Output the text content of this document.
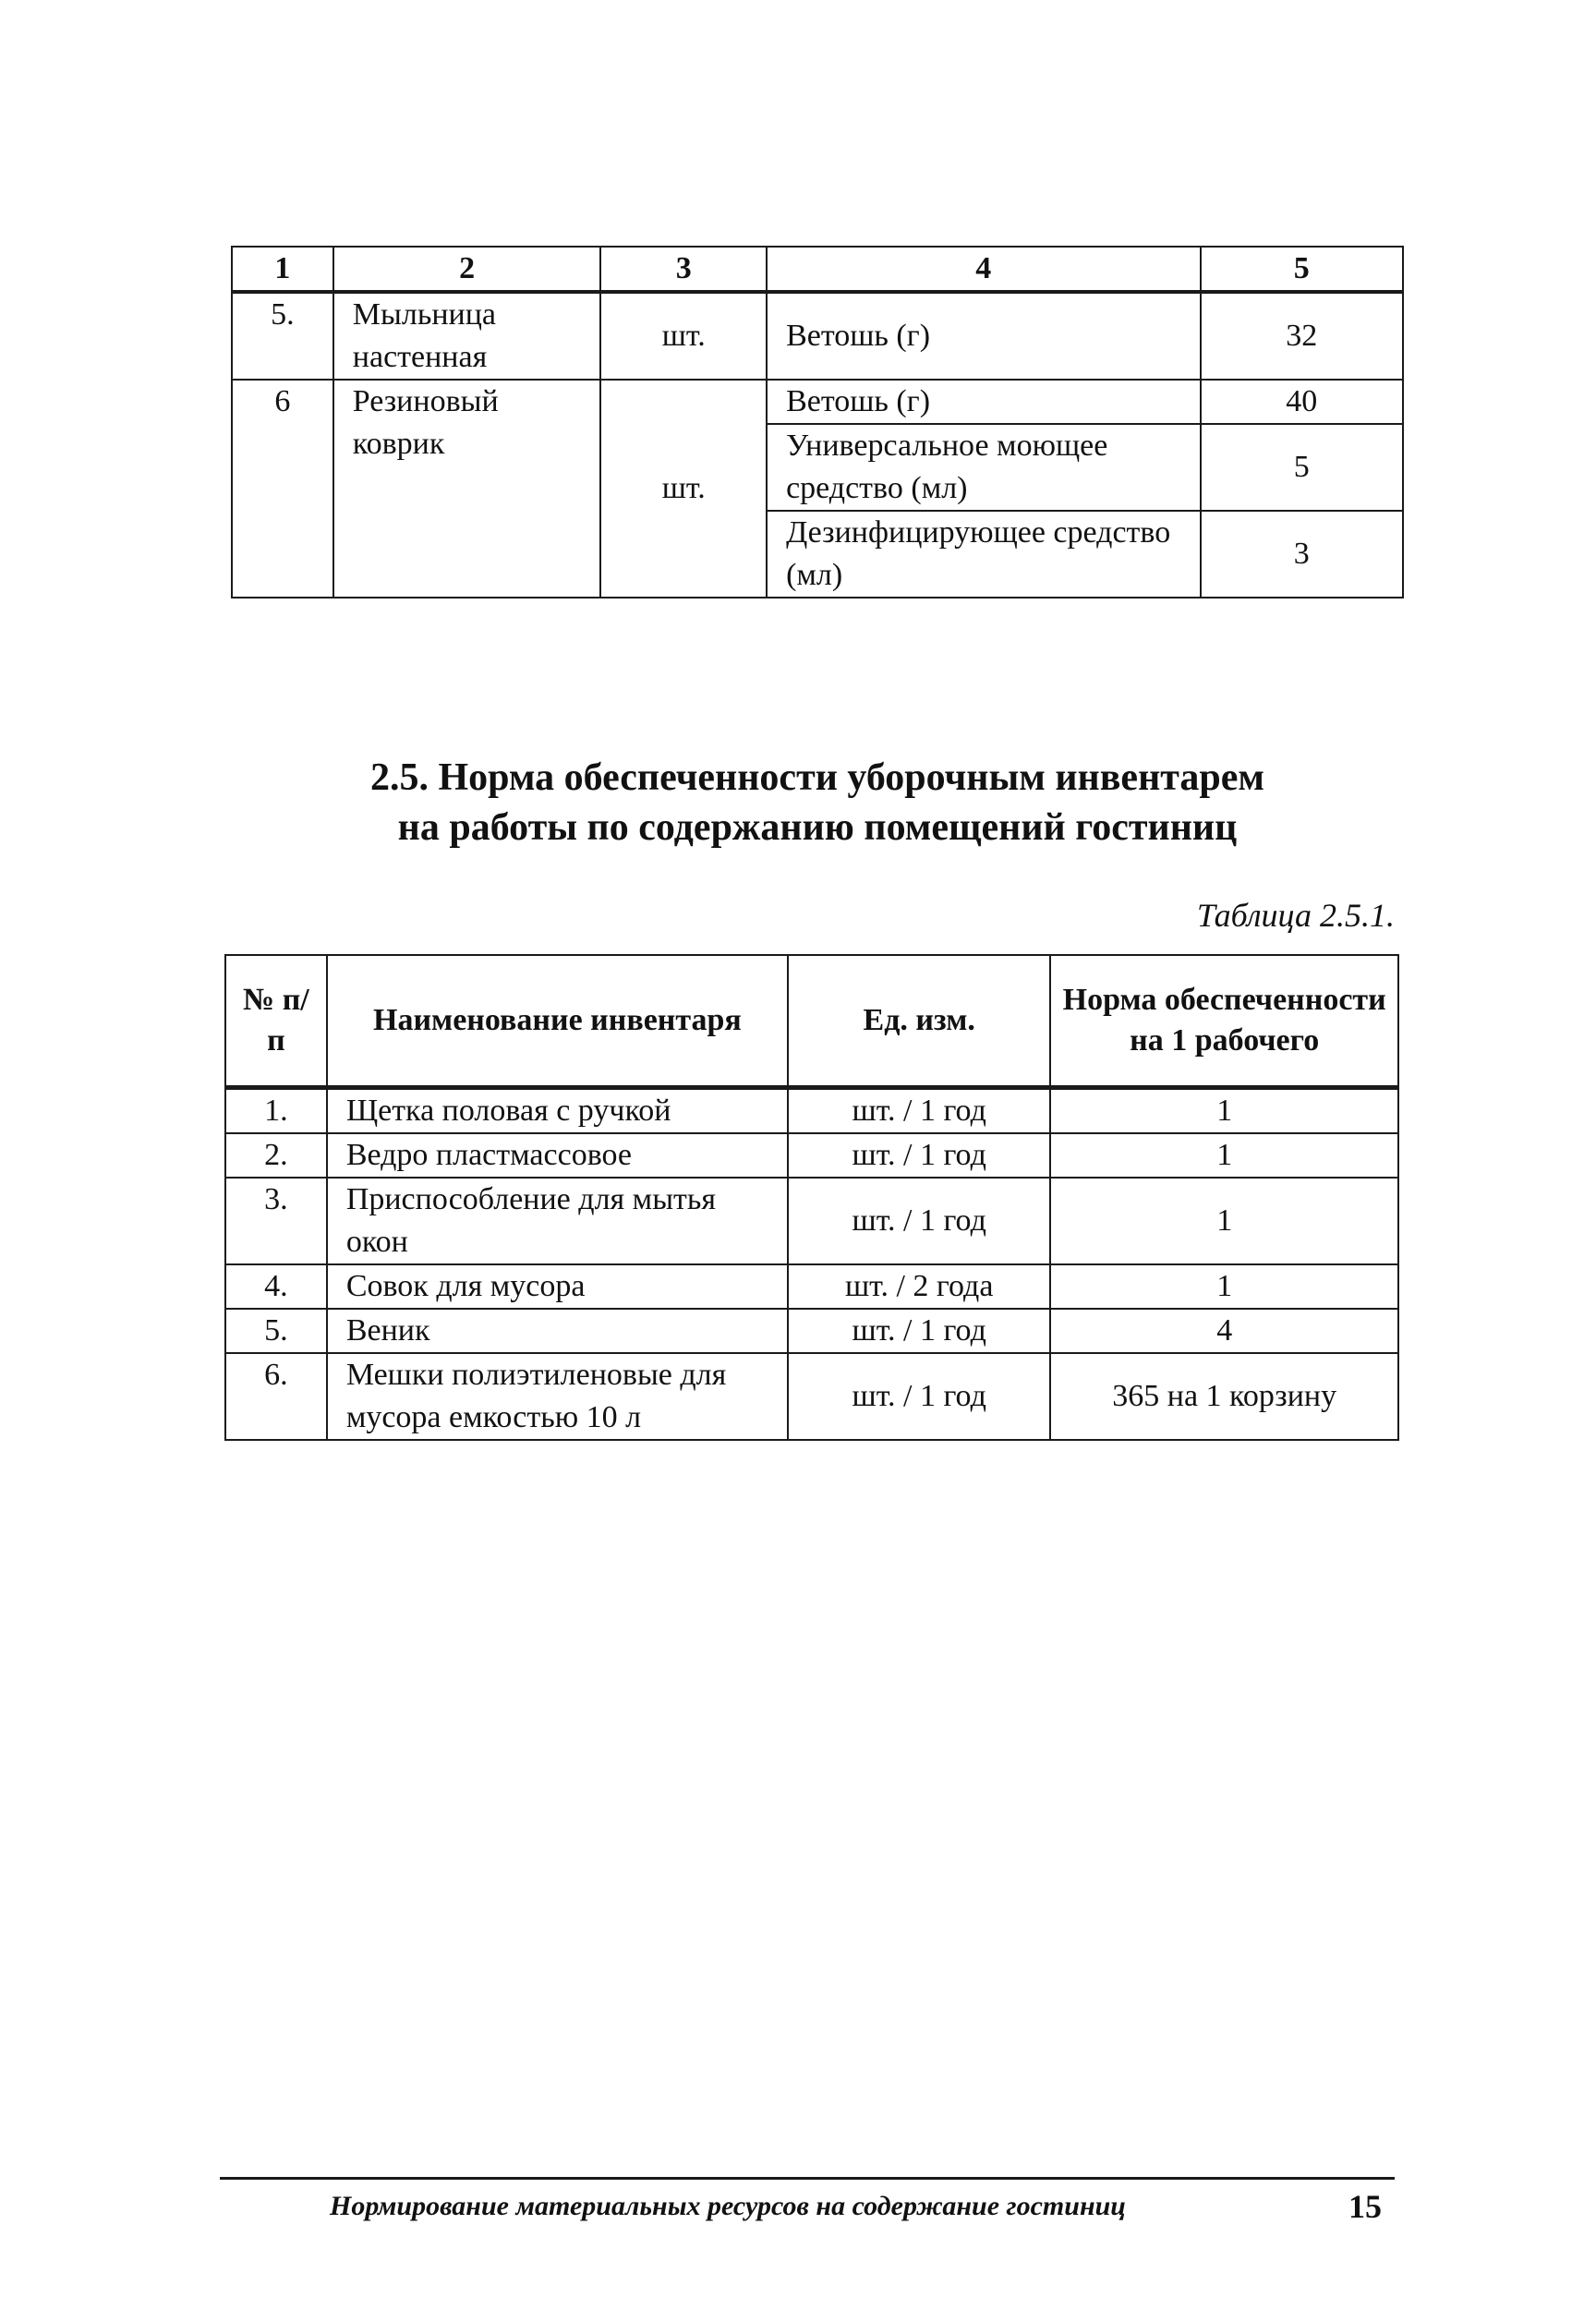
1	2	3	4	5
5.	Мыльница настенная	шт.	Ветошь (г)	32
6	Резиновый коврик	шт.	Ветошь (г)	40
			Универсальное моющее средство (мл)	5
			Дезинфицирующее средство (мл)	3
2.5. Норма обеспеченности уборочным инвентарем
на работы по содержанию помещений гостиниц
Таблица 2.5.1.
№ п/п	Наименование инвентаря	Ед. изм.	Норма обеспеченности на 1 рабочего
1.	Щетка половая с ручкой	шт. / 1 год	1
2.	Ведро пластмассовое	шт. / 1 год	1
3.	Приспособление для мытья окон	шт. / 1 год	1
4.	Совок для мусора	шт. / 2 года	1
5.	Веник	шт. / 1 год	4
6.	Мешки полиэтиленовые для мусора емкостью 10 л	шт. / 1 год	365 на 1 корзину
Нормирование материальных ресурсов на содержание гостиниц	15
